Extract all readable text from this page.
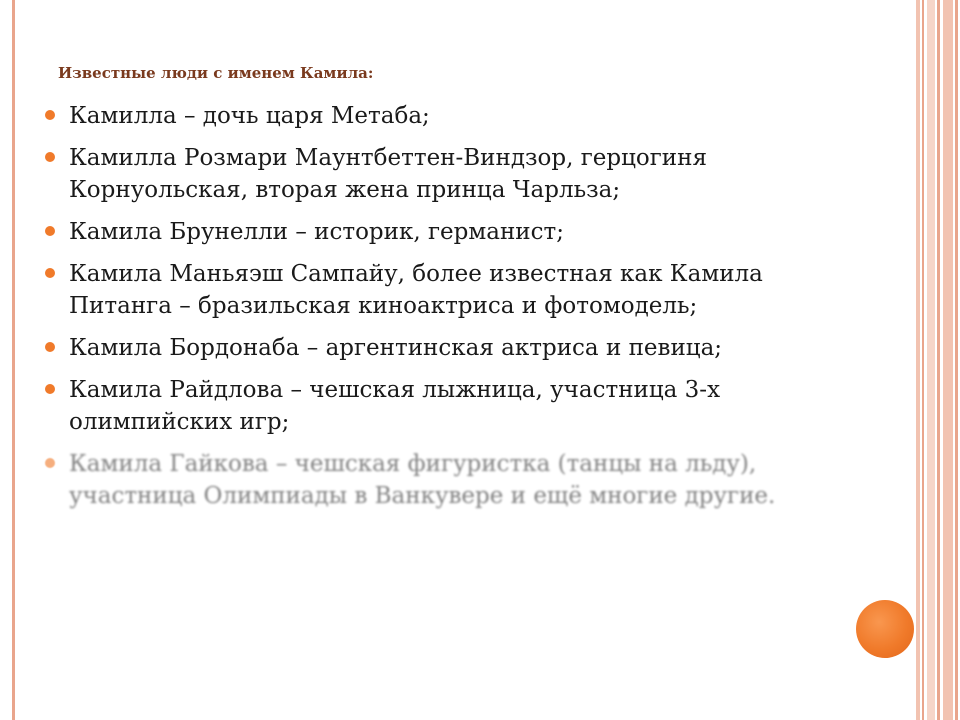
Известные люди с именем Камила:
Камилла – дочь царя Метаба;
Камилла Розмари Маунтбеттен-Виндзор, герцогиня Корнуольская, вторая жена принца Чарльза;
Камила Брунелли – историк, германист;
Камила Маньяэш Сампайу, более известная как Камила Питанга – бразильская киноактриса и фотомодель;
Камила Бордонаба – аргентинская актриса и певица;
Камила Райдлова – чешская лыжница, участница 3-х олимпийских игр;
Камила Гайкова – чешская фигуристка (танцы на льду), участница Олимпиады в Ванкувере и ещё многие другие.
